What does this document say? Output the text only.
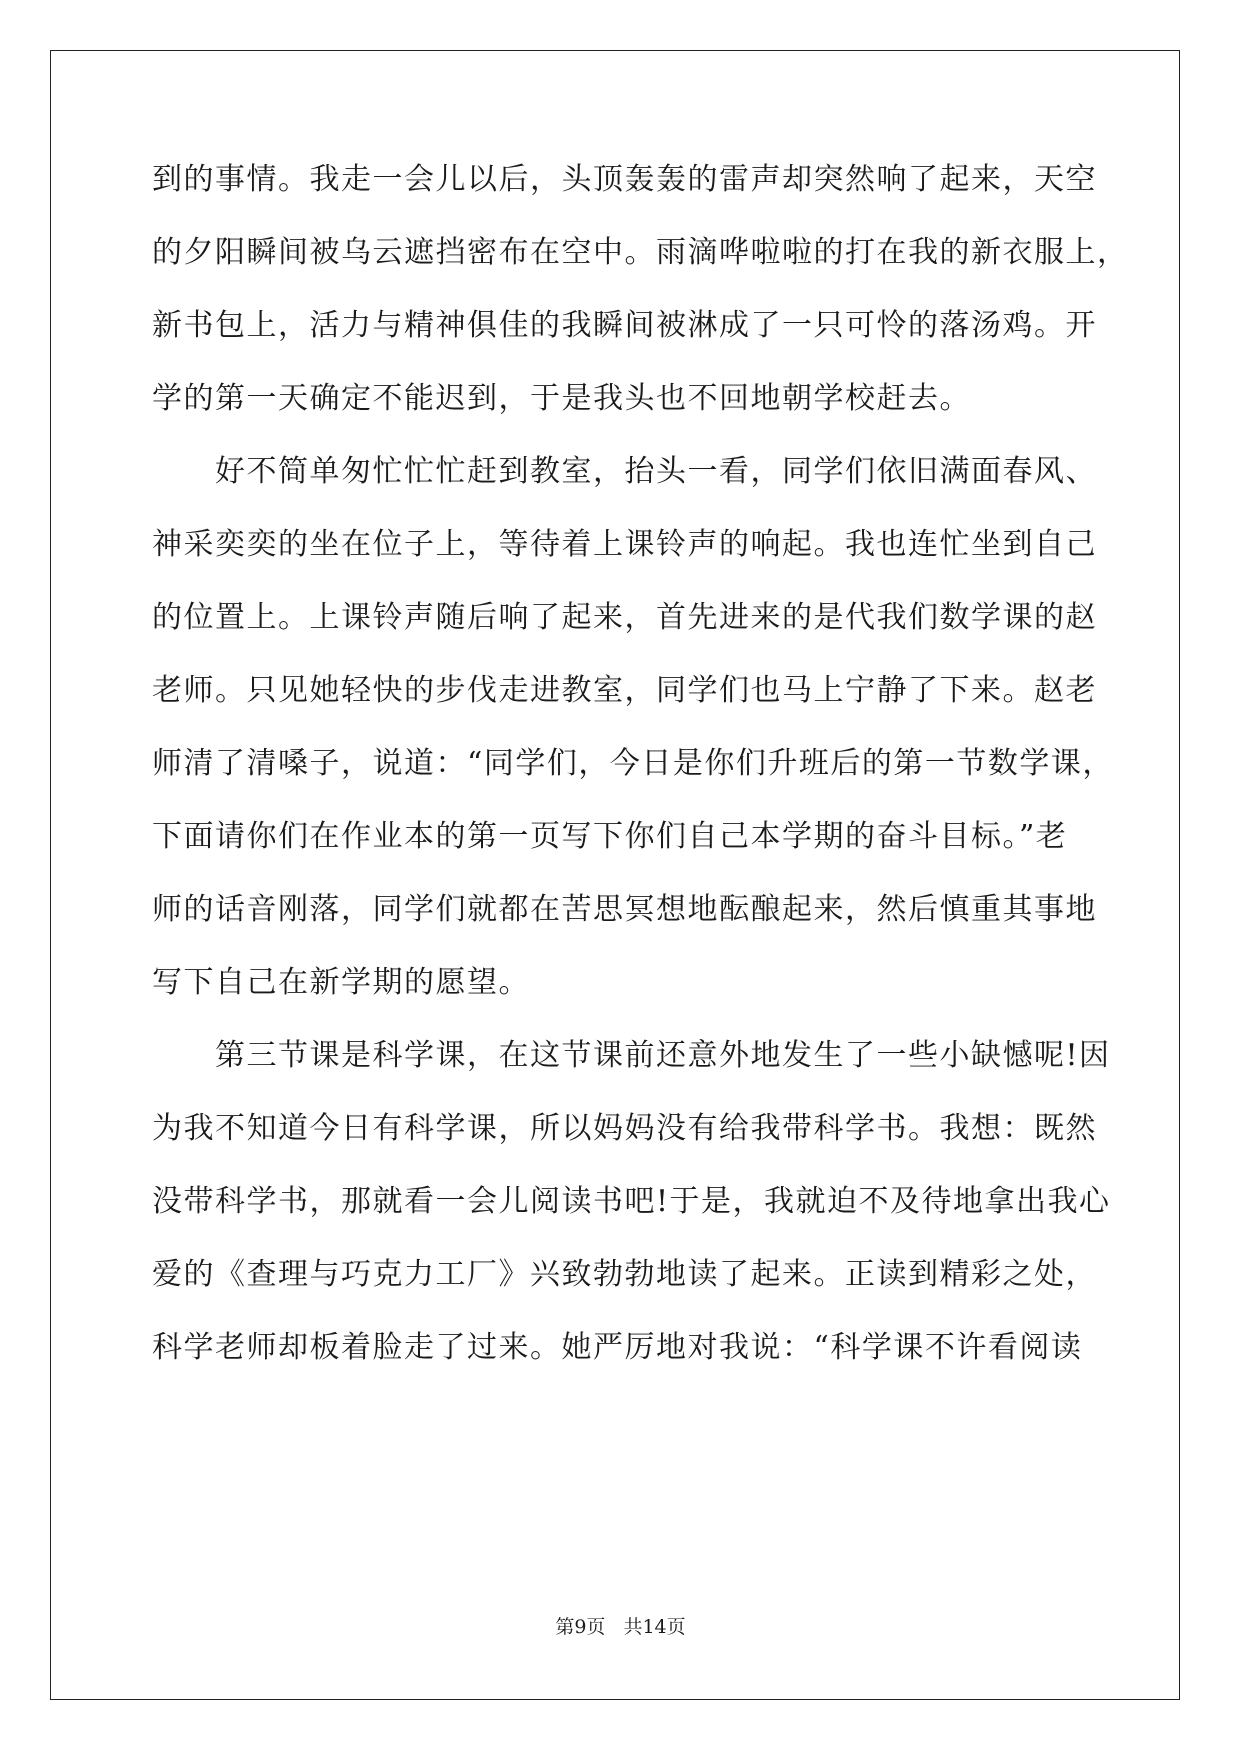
到的事情。我走一会儿以后，头顶轰轰的雷声却突然响了起来，天空
的夕阳瞬间被乌云遮挡密布在空中。雨滴哗啦啦的打在我的新衣服上，
新书包上，活力与精神俱佳的我瞬间被淋成了一只可怜的落汤鸡。开
学的第一天确定不能迟到，于是我头也不回地朝学校赶去。
　　好不简单匆忙忙忙赶到教室，抬头一看，同学们依旧满面春风、
神采奕奕的坐在位子上，等待着上课铃声的响起。我也连忙坐到自己
的位置上。上课铃声随后响了起来，首先进来的是代我们数学课的赵
老师。只见她轻快的步伐走进教室，同学们也马上宁静了下来。赵老
师清了清嗓子，说道：“同学们，今日是你们升班后的第一节数学课，
下面请你们在作业本的第一页写下你们自己本学期的奋斗目标。”老
师的话音刚落，同学们就都在苦思冥想地酝酿起来，然后慎重其事地
写下自己在新学期的愿望。
　　第三节课是科学课，在这节课前还意外地发生了一些小缺憾呢!因
为我不知道今日有科学课，所以妈妈没有给我带科学书。我想：既然
没带科学书，那就看一会儿阅读书吧!于是，我就迫不及待地拿出我心
爱的《查理与巧克力工厂》兴致勃勃地读了起来。正读到精彩之处，
科学老师却板着脸走了过来。她严厉地对我说：“科学课不许看阅读
第9页 共14页
